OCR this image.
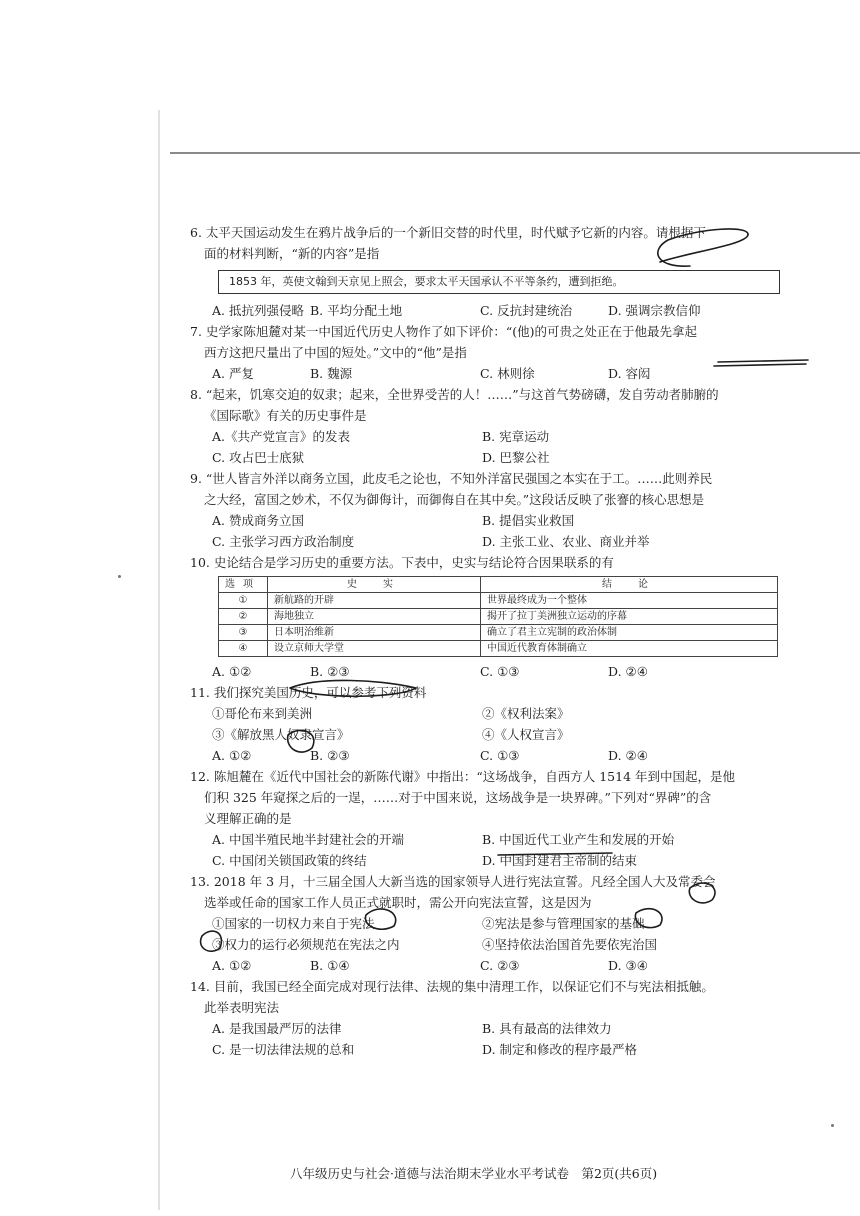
6. 太平天国运动发生在鸦片战争后的一个新旧交替的时代里，时代赋予它新的内容。请根据下
面的材料判断，“新的内容”是指
1853 年，英使文翰到天京见上照会，要求太平天国承认不平等条约，遭到拒绝。
A. 抵抗列强侵略 B. 平均分配土地	C. 反抗封建统治	D. 强调宗教信仰
7. 史学家陈旭麓对某一中国近代历史人物作了如下评价：“(他)的可贵之处正在于他最先拿起
西方这把尺量出了中国的短处。”文中的“他”是指
A. 严复	B. 魏源	C. 林则徐	D. 容闳
8. “起来，饥寒交迫的奴隶；起来，全世界受苦的人！……”与这首气势磅礴，发自劳动者肺腑的
《国际歌》有关的历史事件是
A.《共产党宣言》的发表	B. 宪章运动
C. 攻占巴士底狱	D. 巴黎公社
9. “世人皆言外洋以商务立国，此皮毛之论也，不知外洋富民强国之本实在于工。……此则养民
之大经，富国之妙术，不仅为御侮计，而御侮自在其中矣。”这段话反映了张謇的核心思想是
A. 赞成商务立国	B. 提倡实业救国
C. 主张学习西方政治制度	D. 主张工业、农业、商业并举
10. 史论结合是学习历史的重要方法。下表中，史实与结论符合因果联系的有
选项	史　实	结　论
①	新航路的开辟	世界最终成为一个整体
②	海地独立	揭开了拉丁美洲独立运动的序幕
③	日本明治维新	确立了君主立宪制的政治体制
④	设立京师大学堂	中国近代教育体制确立
A. ①②	B. ②③	C. ①③	D. ②④
11. 我们探究美国历史，可以参考下列资料
①哥伦布来到美洲	②《权利法案》
③《解放黑人奴隶宣言》	④《人权宣言》
A. ①②	B. ②③	C. ①③	D. ②④
12. 陈旭麓在《近代中国社会的新陈代谢》中指出：“这场战争，自西方人 1514 年到中国起，是他
们积 325 年窥探之后的一逞，……对于中国来说，这场战争是一块界碑。”下列对“界碑”的含
义理解正确的是
A. 中国半殖民地半封建社会的开端	B. 中国近代工业产生和发展的开始
C. 中国闭关锁国政策的终结	D. 中国封建君主帝制的结束
13. 2018 年 3 月，十三届全国人大新当选的国家领导人进行宪法宣誓。凡经全国人大及常委会
选举或任命的国家工作人员正式就职时，需公开向宪法宣誓，这是因为
①国家的一切权力来自于宪法	②宪法是参与管理国家的基础
③权力的运行必须规范在宪法之内	④坚持依法治国首先要依宪治国
A. ①②	B. ①④	C. ②③	D. ③④
14. 目前，我国已经全面完成对现行法律、法规的集中清理工作，以保证它们不与宪法相抵触。
此举表明宪法
A. 是我国最严厉的法律	B. 具有最高的法律效力
C. 是一切法律法规的总和	D. 制定和修改的程序最严格
八年级历史与社会·道德与法治期末学业水平考试卷　第2页(共6页)
